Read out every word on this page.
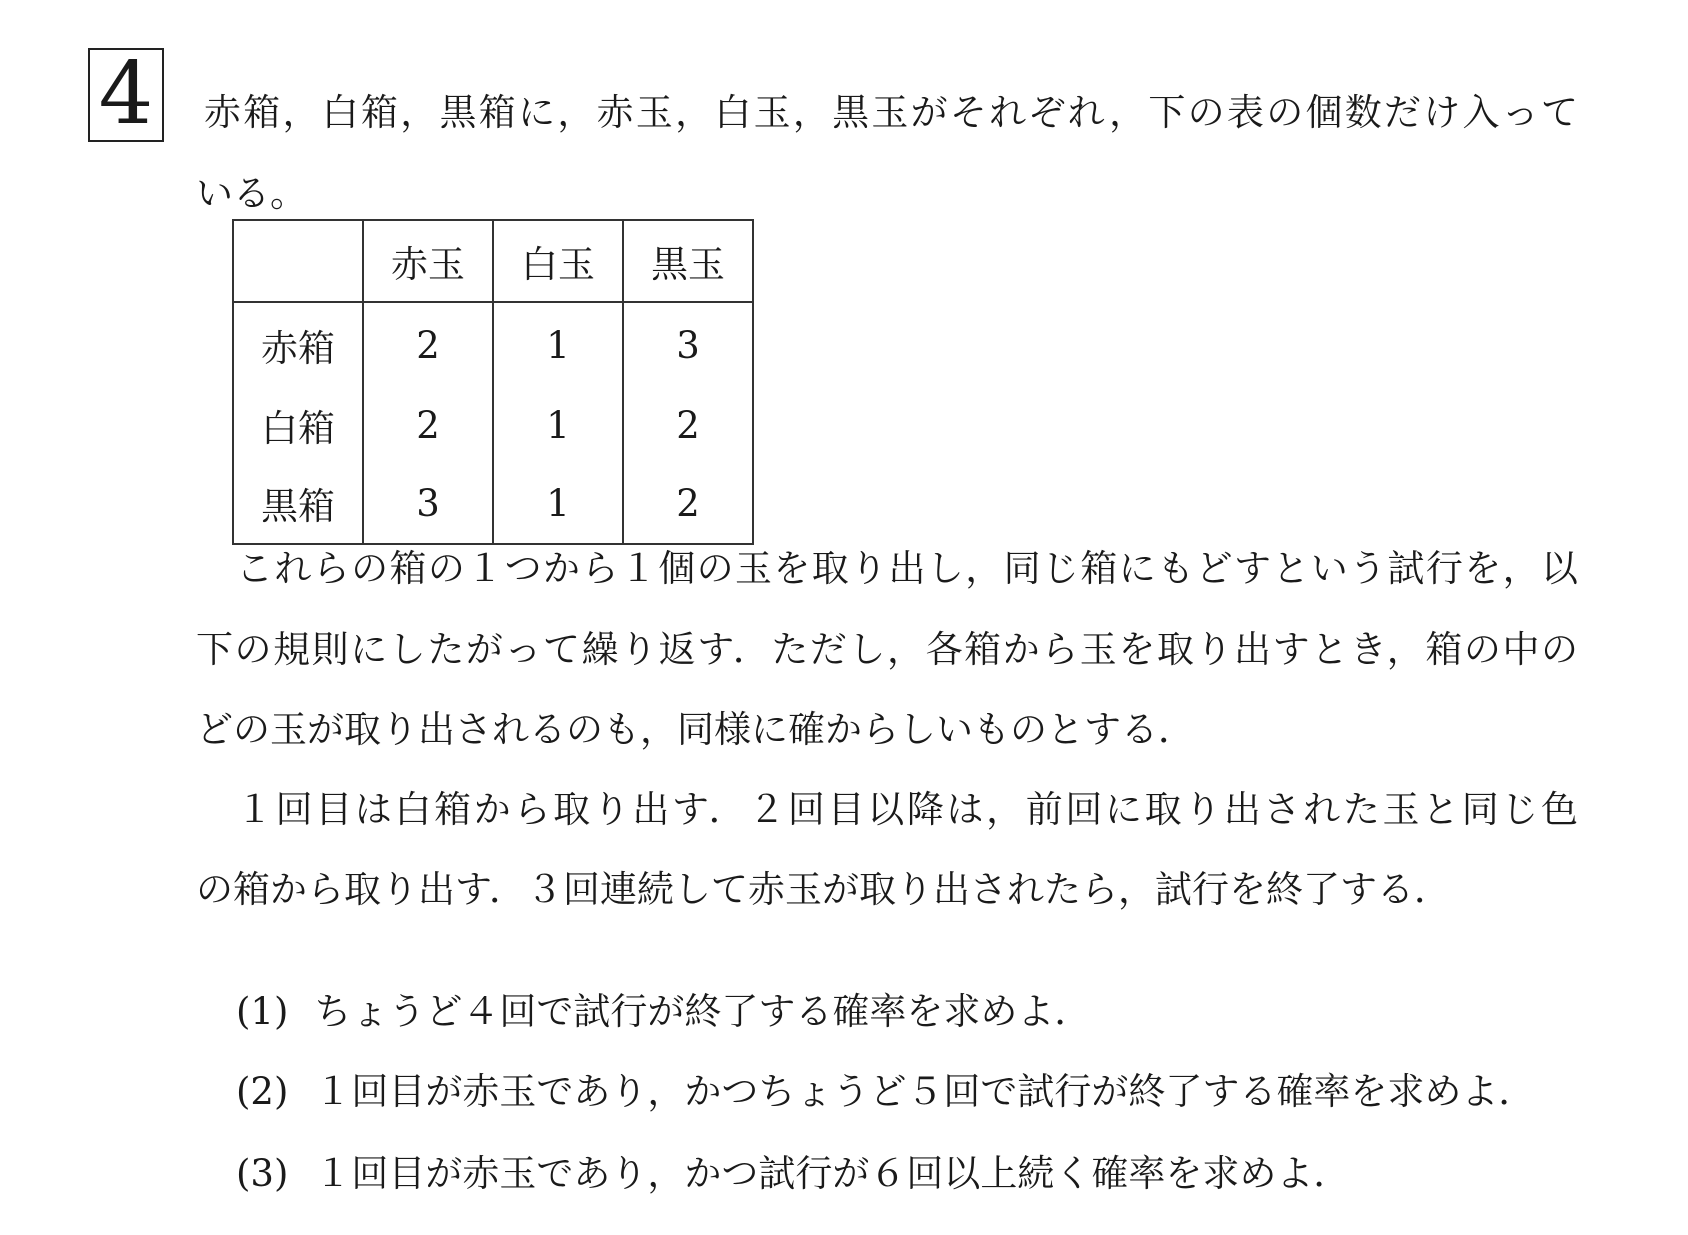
4 赤箱，白箱，黒箱に，赤玉，白玉，黒玉がそれぞれ，下の表の個数だけ入って
いる。
	赤玉	白玉	黒玉
赤箱	2	1	3
白箱	2	1	2
黒箱	3	1	2
これらの箱の１つから１個の玉を取り出し，同じ箱にもどすという試行を，以
下の規則にしたがって繰り返す．ただし，各箱から玉を取り出すとき，箱の中の
どの玉が取り出されるのも，同様に確からしいものとする．
１回目は白箱から取り出す．２回目以降は，前回に取り出された玉と同じ色
の箱から取り出す．３回連続して赤玉が取り出されたら，試行を終了する．
(1) ちょうど４回で試行が終了する確率を求めよ．
(2) １回目が赤玉であり，かつちょうど５回で試行が終了する確率を求めよ．
(3) １回目が赤玉であり，かつ試行が６回以上続く確率を求めよ．
